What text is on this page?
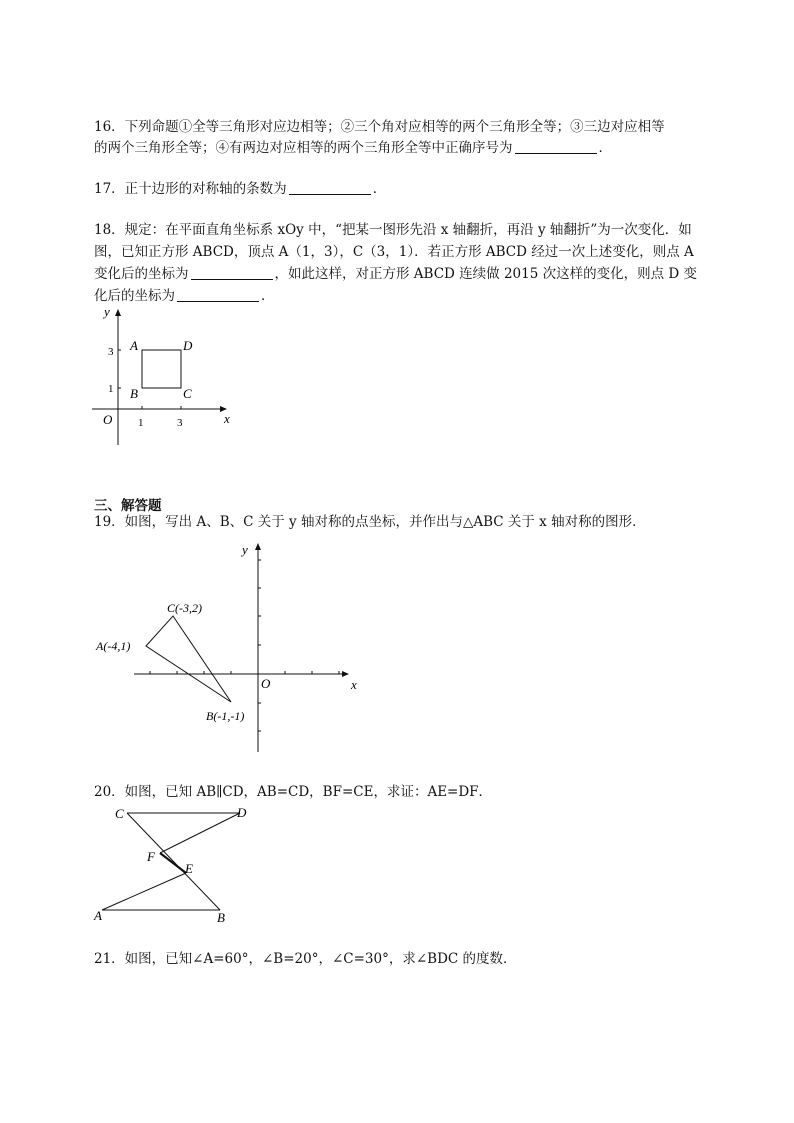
16．下列命题①全等三角形对应边相等；②三个角对应相等的两个三角形全等；③三边对应相等
的两个三角形全等；④有两边对应相等的两个三角形全等中正确序号为	．
17．正十边形的对称轴的条数为	．
18．规定：在平面直角坐标系 xOy 中，“把某一图形先沿 x 轴翻折，再沿 y 轴翻折”为一次变化．如
图，已知正方形 ABCD，顶点 A（1，3），C（3，1）．若正方形 ABCD 经过一次上述变化，则点 A
变化后的坐标为	，如此这样，对正方形 ABCD 连续做 2015 次这样的变化，则点 D 变
化后的坐标为	．
y
x
O
3
1
1	3
A
B	C
D
三、解答题
19．如图，写出 A、B、C 关于 y 轴对称的点坐标，并作出与△ABC 关于 x 轴对称的图形．
y
x
O
A(-4,1)
C(-3,2)
B(-1,-1)
20．如图，已知 AB∥CD，AB=CD，BF=CE，求证：AE=DF．
C	D
F
E
A	B
21．如图，已知∠A=60°，∠B=20°，∠C=30°，求∠BDC 的度数．
